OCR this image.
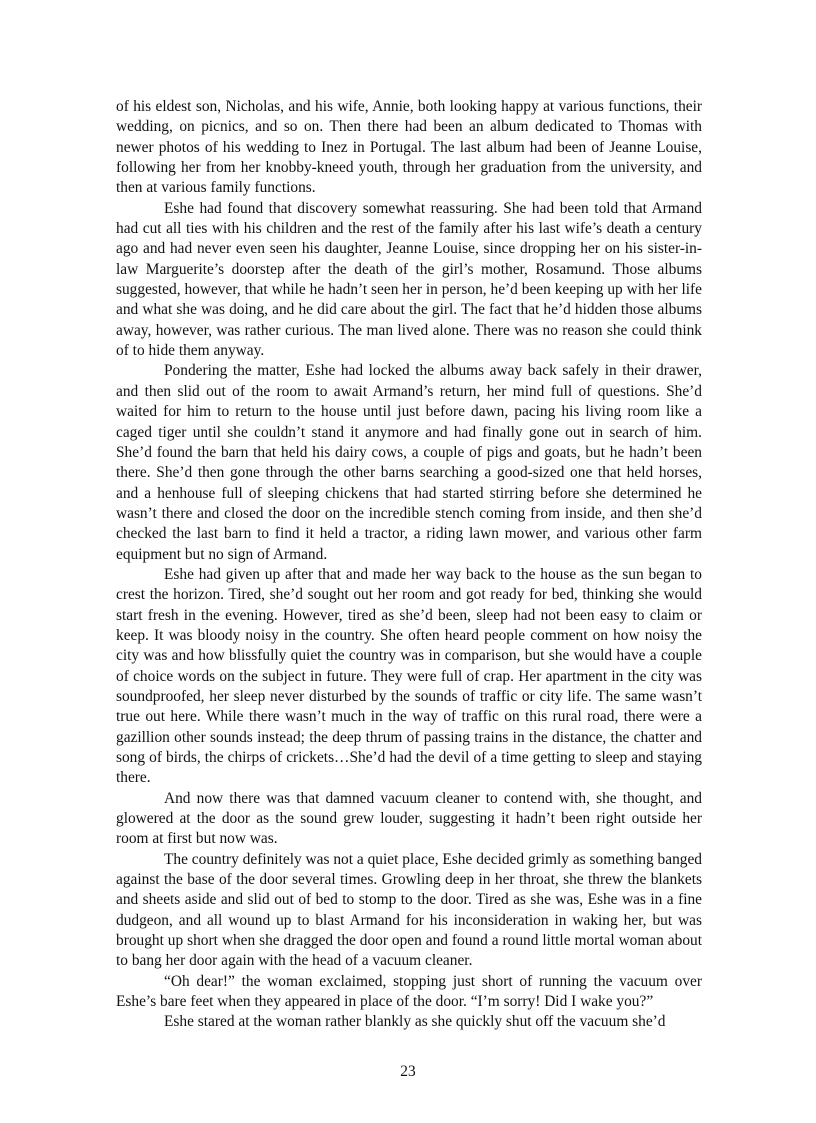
of his eldest son, Nicholas, and his wife, Annie, both looking happy at various functions, their wedding, on picnics, and so on. Then there had been an album dedicated to Thomas with newer photos of his wedding to Inez in Portugal. The last album had been of Jeanne Louise, following her from her knobby-kneed youth, through her graduation from the university, and then at various family functions.

Eshe had found that discovery somewhat reassuring. She had been told that Armand had cut all ties with his children and the rest of the family after his last wife’s death a century ago and had never even seen his daughter, Jeanne Louise, since dropping her on his sister-in-law Marguerite’s doorstep after the death of the girl’s mother, Rosamund. Those albums suggested, however, that while he hadn’t seen her in person, he’d been keeping up with her life and what she was doing, and he did care about the girl. The fact that he’d hidden those albums away, however, was rather curious. The man lived alone. There was no reason she could think of to hide them anyway.

Pondering the matter, Eshe had locked the albums away back safely in their drawer, and then slid out of the room to await Armand’s return, her mind full of questions. She’d waited for him to return to the house until just before dawn, pacing his living room like a caged tiger until she couldn’t stand it anymore and had finally gone out in search of him. She’d found the barn that held his dairy cows, a couple of pigs and goats, but he hadn’t been there. She’d then gone through the other barns searching a good-sized one that held horses, and a henhouse full of sleeping chickens that had started stirring before she determined he wasn’t there and closed the door on the incredible stench coming from inside, and then she’d checked the last barn to find it held a tractor, a riding lawn mower, and various other farm equipment but no sign of Armand.

Eshe had given up after that and made her way back to the house as the sun began to crest the horizon. Tired, she’d sought out her room and got ready for bed, thinking she would start fresh in the evening. However, tired as she’d been, sleep had not been easy to claim or keep. It was bloody noisy in the country. She often heard people comment on how noisy the city was and how blissfully quiet the country was in comparison, but she would have a couple of choice words on the subject in future. They were full of crap. Her apartment in the city was soundproofed, her sleep never disturbed by the sounds of traffic or city life. The same wasn’t true out here. While there wasn’t much in the way of traffic on this rural road, there were a gazillion other sounds instead; the deep thrum of passing trains in the distance, the chatter and song of birds, the chirps of crickets…She’d had the devil of a time getting to sleep and staying there.

And now there was that damned vacuum cleaner to contend with, she thought, and glowered at the door as the sound grew louder, suggesting it hadn’t been right outside her room at first but now was.

The country definitely was not a quiet place, Eshe decided grimly as something banged against the base of the door several times. Growling deep in her throat, she threw the blankets and sheets aside and slid out of bed to stomp to the door. Tired as she was, Eshe was in a fine dudgeon, and all wound up to blast Armand for his inconsideration in waking her, but was brought up short when she dragged the door open and found a round little mortal woman about to bang her door again with the head of a vacuum cleaner.

“Oh dear!” the woman exclaimed, stopping just short of running the vacuum over Eshe’s bare feet when they appeared in place of the door. “I’m sorry! Did I wake you?”

Eshe stared at the woman rather blankly as she quickly shut off the vacuum she’d

23
